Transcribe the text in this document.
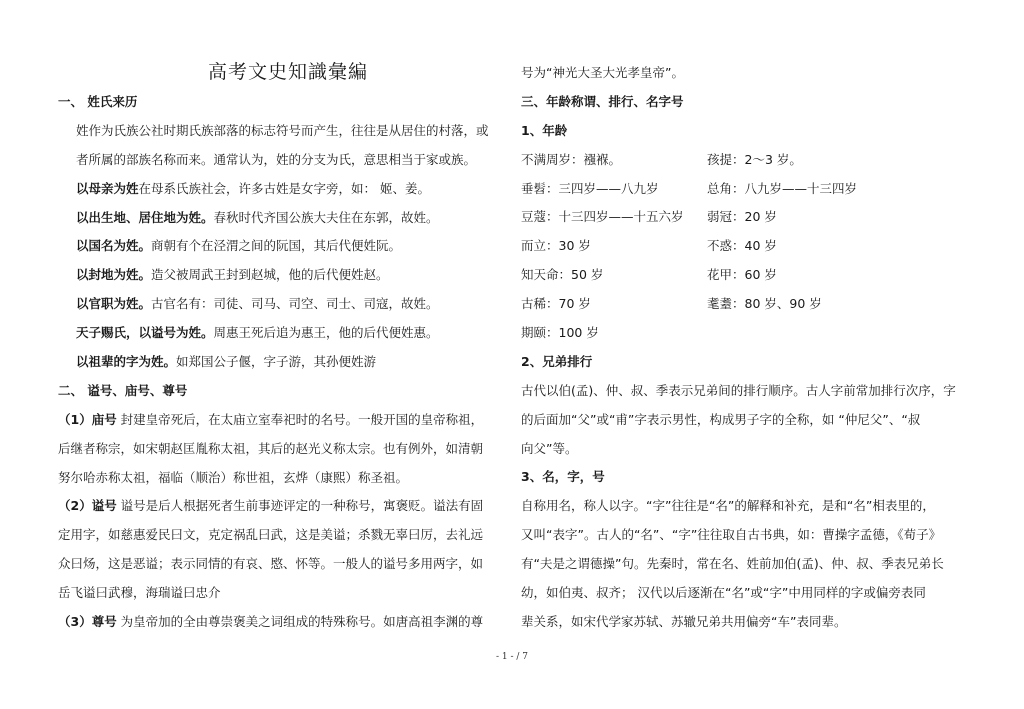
高考文史知識彙編
一、 姓氏来历
姓作为氏族公社时期氏族部落的标志符号而产生，往往是从居住的村落，或
者所属的部族名称而来。通常认为，姓的分支为氏，意思相当于家或族。
以母亲为姓在母系氏族社会，许多古姓是女字旁，如： 姬、姜。
以出生地、居住地为姓。春秋时代齐国公族大夫住在东郭，故姓。
以国名为姓。商朝有个在泾渭之间的阮国，其后代便姓阮。
以封地为姓。造父被周武王封到赵城，他的后代便姓赵。
以官职为姓。古官名有：司徒、司马、司空、司士、司寇，故姓。
天子赐氏，以谥号为姓。周惠王死后追为惠王，他的后代便姓惠。
以祖辈的字为姓。如郑国公子偃，字子游，其孙便姓游
二、 谥号、庙号、尊号
（1）庙号 封建皇帝死后，在太庙立室奉祀时的名号。一般开国的皇帝称祖，
后继者称宗，如宋朝赵匡胤称太祖，其后的赵光义称太宗。也有例外，如清朝
努尔哈赤称太祖，福临（顺治）称世祖，玄烨（康熙）称圣祖。
（2）谥号 谥号是后人根据死者生前事迹评定的一种称号，寓褒贬。谥法有固
定用字，如慈惠爱民曰文，克定祸乱曰武，这是美谥；杀戮无辜曰厉，去礼远
众曰炀，这是恶谥；表示同情的有哀、愍、怀等。一般人的谥号多用两字，如
岳飞谥曰武穆，海瑞谥曰忠介
（3）尊号 为皇帝加的全由尊崇褒美之词组成的特殊称号。如唐高祖李渊的尊
号为“神光大圣大光孝皇帝”。
三、年龄称谓、排行、名字号
1、年龄
不满周岁：襁褓。	孩提：2～3 岁。
垂髫：三四岁——八九岁	总角：八九岁——十三四岁
豆蔻：十三四岁——十五六岁	弱冠：20 岁
而立：30 岁	不惑：40 岁
知天命：50 岁	花甲：60 岁
古稀：70 岁	耄耋：80 岁、90 岁
期颐：100 岁
2、兄弟排行
古代以伯(孟)、仲、叔、季表示兄弟间的排行顺序。古人字前常加排行次序，字
的后面加“父”或“甫”字表示男性，构成男子字的全称，如 “仲尼父”、“叔
向父”等。
3、名，字，号
自称用名，称人以字。“字”往往是“名”的解释和补充，是和“名”相表里的，
又叫“表字”。古人的“名”、“字”往往取自古书典，如：曹操字孟德，《荀子》
有“夫是之谓德操”句。先秦时，常在名、姓前加伯(孟)、仲、叔、季表兄弟长
幼，如伯夷、叔齐； 汉代以后逐渐在“名”或“字”中用同样的字或偏旁表同
辈关系，如宋代学家苏轼、苏辙兄弟共用偏旁“车”表同辈。
- 1 - / 7
